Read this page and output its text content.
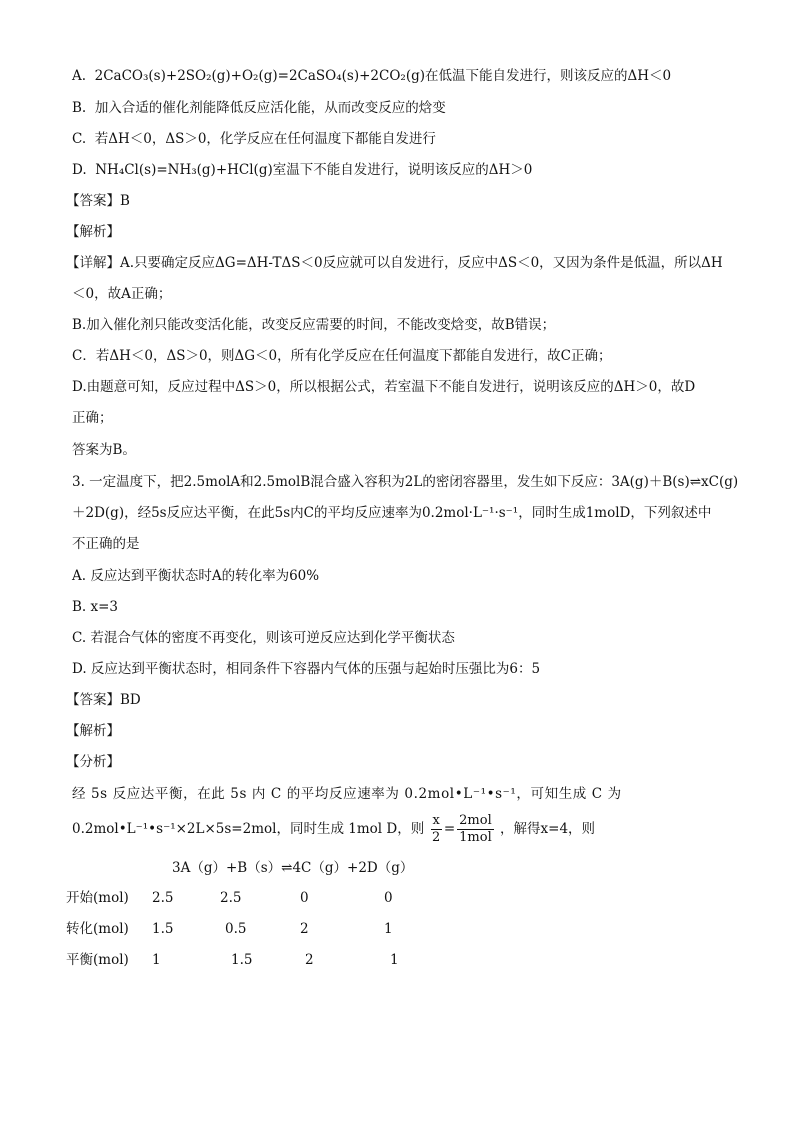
A. 2CaCO₃(s)+2SO₂(g)+O₂(g)=2CaSO₄(s)+2CO₂(g)在低温下能自发进行，则该反应的ΔH＜0
B. 加入合适的催化剂能降低反应活化能，从而改变反应的焓变
C. 若ΔH＜0，ΔS＞0，化学反应在任何温度下都能自发进行
D. NH₄Cl(s)=NH₃(g)+HCl(g)室温下不能自发进行，说明该反应的ΔH＞0
【答案】B
【解析】
【详解】A.只要确定反应ΔG=ΔH-TΔS＜0反应就可以自发进行，反应中ΔS＜0，又因为条件是低温，所以ΔH
＜0，故A正确；
B.加入催化剂只能改变活化能，改变反应需要的时间，不能改变焓变，故B错误；
C．若ΔH＜0，ΔS＞0，则ΔG＜0，所有化学反应在任何温度下都能自发进行，故C正确；
D.由题意可知，反应过程中ΔS＞0，所以根据公式，若室温下不能自发进行，说明该反应的ΔH＞0，故D
正确；
答案为B。
3. 一定温度下，把2.5molA和2.5molB混合盛入容积为2L的密闭容器里，发生如下反应：3A(g)＋B(s)⇌xC(g)
＋2D(g)，经5s反应达平衡，在此5s内C的平均反应速率为0.2mol·L⁻¹·s⁻¹，同时生成1molD，下列叙述中
不正确的是
A. 反应达到平衡状态时A的转化率为60%
B. x=3
C. 若混合气体的密度不再变化，则该可逆反应达到化学平衡状态
D. 反应达到平衡状态时，相同条件下容器内气体的压强与起始时压强比为6：5
【答案】BD
【解析】
【分析】
经 5s 反应达平衡，在此 5s 内 C 的平均反应速率为 0.2mol•L⁻¹•s⁻¹，可知生成 C 为
0.2mol•L⁻¹•s⁻¹×2L×5s=2mol，同时生成 1mol D，则 $\frac{x}{2} = \frac{\text{2mol}}{\text{1mol}}$ ，解得x=4，则
3A（g）+B（s）⇌4C（g）+2D（g）
开始(mol) 2.5	2.5	0	0
转化(mol) 1.5	0.5	2	1
平衡(mol) 1	1.5	2	1
